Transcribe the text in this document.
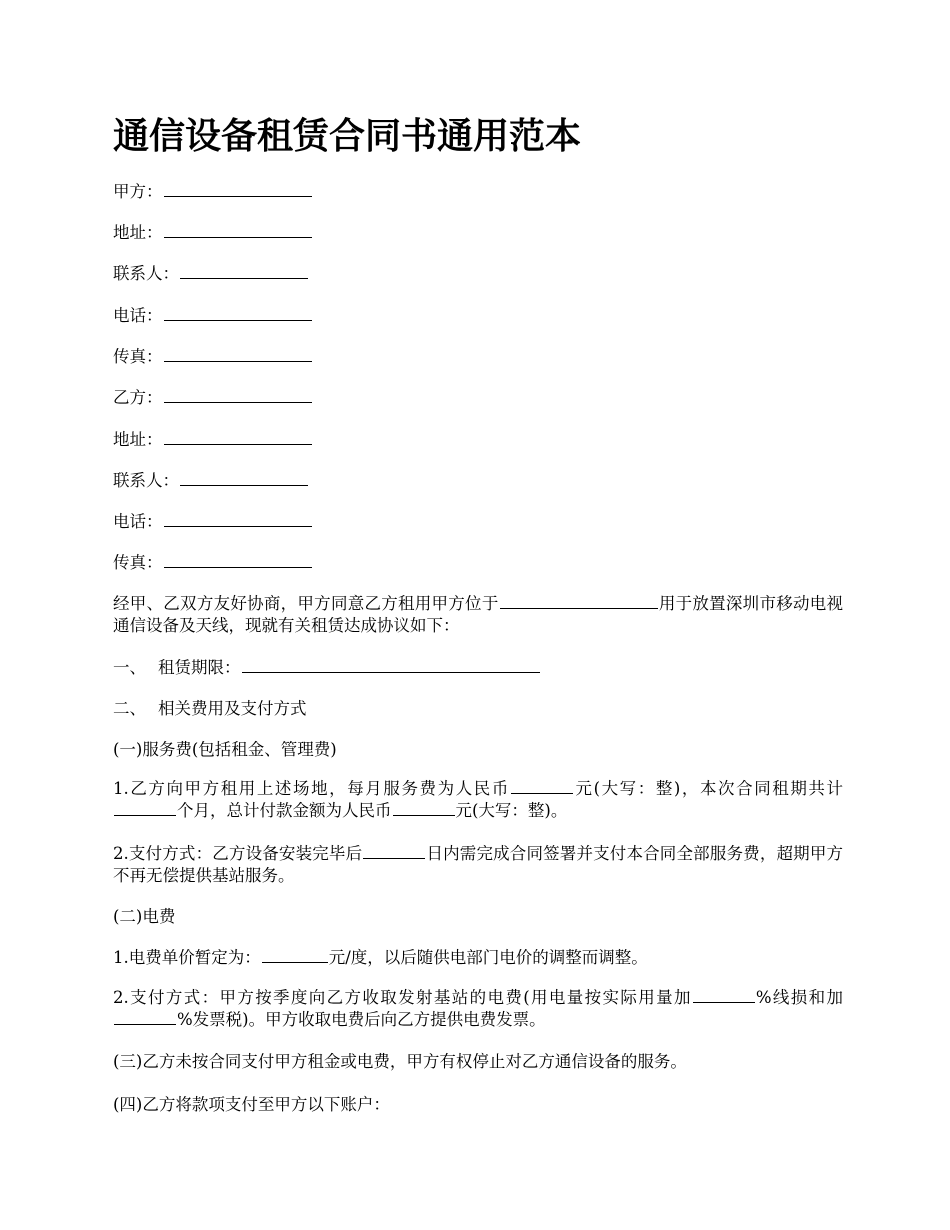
通信设备租赁合同书通用范本
甲方：
地址：
联系人：
电话：
传真：
乙方：
地址：
联系人：
电话：
传真：
经甲、乙双方友好协商，甲方同意乙方租用甲方位于	用于放置深圳市移动电视通信设备及天线，现就有关租赁达成协议如下：
一、 租赁期限：
二、 相关费用及支付方式
(一)服务费(包括租金、管理费)
1.乙方向甲方租用上述场地，每月服务费为人民币	元(大写：整)，本次合同租期共计个月，总计付款金额为人民币	元(大写：整)。
2.支付方式：乙方设备安装完毕后	日内需完成合同签署并支付本合同全部服务费，超期甲方不再无偿提供基站服务。
(二)电费
1.电费单价暂定为：	元/度，以后随供电部门电价的调整而调整。
2.支付方式：甲方按季度向乙方收取发射基站的电费(用电量按实际用量加	%线损和加%发票税)。甲方收取电费后向乙方提供电费发票。
(三)乙方未按合同支付甲方租金或电费，甲方有权停止对乙方通信设备的服务。
(四)乙方将款项支付至甲方以下账户：
